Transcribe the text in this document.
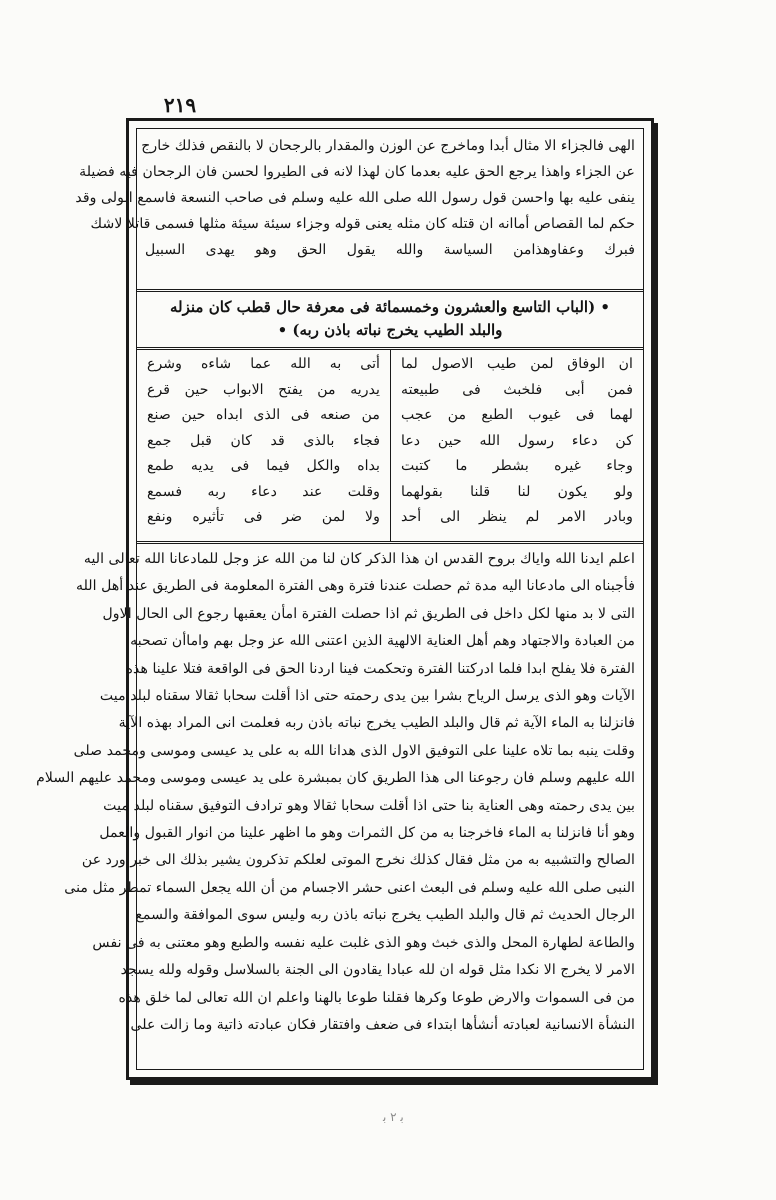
٢١٩
الهى فالجزاء الا مثال أبدا وماخرج عن الوزن والمقدار بالرجحان لا بالنقص فذلك خارج
عن الجزاء واهذا يرجع الحق عليه بعدما كان لهذا لانه فى الطيروا لحسن فان الرجحان فيه فضيلة
ينفى عليه بها واحسن قول رسول الله صلى الله عليه وسلم فى صاحب النسعة فاسمع الولى وقد
حكم لما القصاص أماانه ان قتله كان مثله يعنى قوله وجزاء سيئة سيئة مثلها فسمى قاتلا لاشك
فبرك وعفاوهذامن السياسة والله يقول الحق وهو يهدى السبيل
• (الباب التاسع والعشرون وخمسمائة فى معرفة حال قطب كان منزله
والبلد الطيب يخرج نباته باذن ربه) •
ان الوفاق لمن طيب الاصول لما
فمن أبى فلخبث فى طبيعته
لهما فى غيوب الطبع من عجب
كن دعاء رسول الله حين دعا
وجاء غيره بشطر ما كتبت
ولو يكون لنا قلنا بقولهما
وبادر الامر لم ينظر الى أحد
أتى به الله عما شاءه وشرع
يدريه من يفتح الابواب حين قرع
من صنعه فى الذى ابداه حين صنع
فجاء بالذى قد كان قبل جمع
بداه والكل فيما فى يديه طمع
وقلت عند دعاء ربه فسمع
ولا لمن ضر فى تأثيره ونفع
اعلم ايدنا الله واياك بروح القدس ان هذا الذكر كان لنا من الله عز وجل للمادعانا الله تعالى اليه
فأجبناه الى مادعانا اليه مدة ثم حصلت عندنا فترة وهى الفترة المعلومة فى الطريق عند أهل الله
التى لا بد منها لكل داخل فى الطريق ثم اذا حصلت الفترة امأن يعقبها رجوع الى الحال الاول
من العبادة والاجتهاد وهم أهل العناية الالهية الذين اعتنى الله عز وجل بهم واماأن تصحبه
الفترة فلا يفلح ابدا فلما ادركتنا الفترة وتحكمت فينا اردنا الحق فى الواقعة فتلا علينا هذه
الآيات وهو الذى يرسل الرياح بشرا بين يدى رحمته حتى اذا أقلت سحابا ثقالا سقناه لبلد ميت
فانزلنا به الماء الآية ثم قال والبلد الطيب يخرج نباته باذن ربه فعلمت انى المراد بهذه الآية
وقلت ينبه بما تلاه علينا على التوفيق الاول الذى هدانا الله به على يد عيسى وموسى ومحمد صلى
الله عليهم وسلم فان رجوعنا الى هذا الطريق كان بمبشرة على يد عيسى وموسى ومحمد عليهم السلام
بين يدى رحمته وهى العناية بنا حتى اذا أقلت سحابا ثقالا وهو ترادف التوفيق سقناه لبلد ميت
وهو أنا فانزلنا به الماء فاخرجنا به من كل الثمرات وهو ما اظهر علينا من انوار القبول والعمل
الصالح والتشبيه به من مثل فقال كذلك نخرج الموتى لعلكم تذكرون يشير بذلك الى خبر ورد عن
النبى صلى الله عليه وسلم فى البعث اعنى حشر الاجسام من أن الله يجعل السماء تمطر مثل منى
الرجال الحديث ثم قال والبلد الطيب يخرج نباته باذن ربه وليس سوى الموافقة والسمع
والطاعة لطهارة المحل والذى خبث وهو الذى غلبت عليه نفسه والطبع وهو معتنى به فى نفس
الامر لا يخرج الا نكدا مثل قوله ان لله عبادا يقادون الى الجنة بالسلاسل وقوله ولله يسجد
من فى السموات والارض طوعا وكرها فقلنا طوعا بالهنا واعلم ان الله تعالى لما خلق هذه
النشأة الانسانية لعبادته أنشأها ابتداء فى ضعف وافتقار فكان عبادته ذاتية وما زالت على
ﺑ ٢ ﺑ
